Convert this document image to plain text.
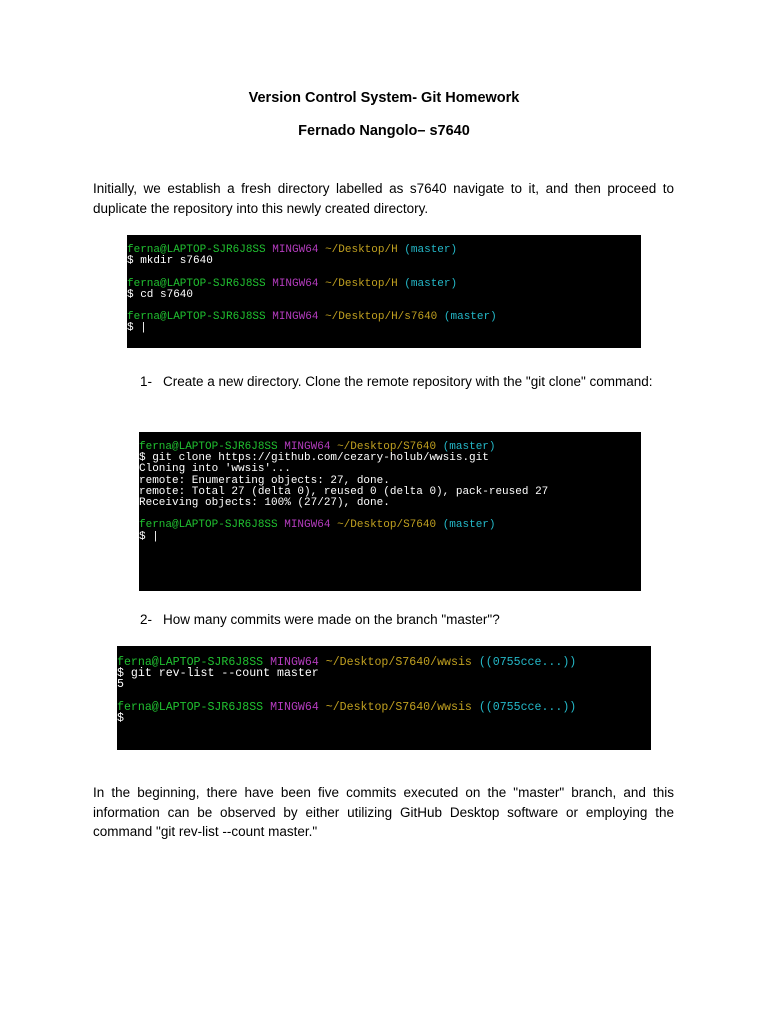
Version Control System- Git Homework
Fernado Nangolo– s7640
Initially, we establish a fresh directory labelled as s7640 navigate to it, and then proceed to duplicate the repository into this newly created directory.
ferna@LAPTOP-SJR6J8SS MINGW64 ~/Desktop/H (master)
$ mkdir s7640
ferna@LAPTOP-SJR6J8SS MINGW64 ~/Desktop/H (master)
$ cd s7640
ferna@LAPTOP-SJR6J8SS MINGW64 ~/Desktop/H/s7640 (master)
$ |
1- Create a new directory. Clone the remote repository with the "git clone" command:
ferna@LAPTOP-SJR6J8SS MINGW64 ~/Desktop/S7640 (master)
$ git clone https://github.com/cezary-holub/wwsis.git
Cloning into 'wwsis'...
remote: Enumerating objects: 27, done.
remote: Total 27 (delta 0), reused 0 (delta 0), pack-reused 27
Receiving objects: 100% (27/27), done.
ferna@LAPTOP-SJR6J8SS MINGW64 ~/Desktop/S7640 (master)
$ |
2- How many commits were made on the branch "master"?
ferna@LAPTOP-SJR6J8SS MINGW64 ~/Desktop/S7640/wwsis ((0755cce...))
$ git rev-list --count master
5
ferna@LAPTOP-SJR6J8SS MINGW64 ~/Desktop/S7640/wwsis ((0755cce...))
$
In the beginning, there have been five commits executed on the "master" branch, and this information can be observed by either utilizing GitHub Desktop software or employing the command "git rev-list --count master."
